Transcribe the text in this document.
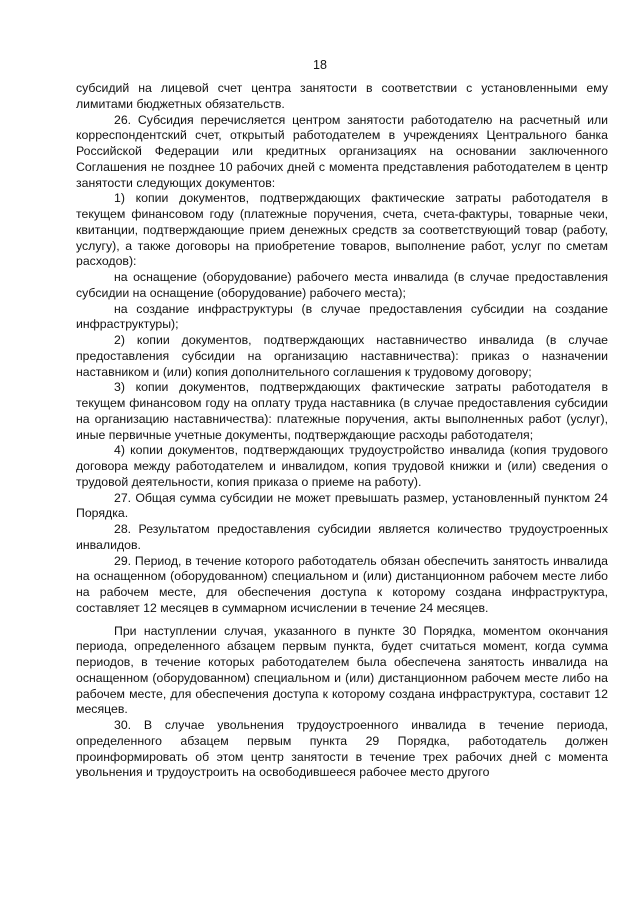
18

субсидий на лицевой счет центра занятости в соответствии с установленными ему лимитами бюджетных обязательств.

26. Субсидия перечисляется центром занятости работодателю на расчетный или корреспондентский счет, открытый работодателем в учреждениях Центрального банка Российской Федерации или кредитных организациях на основании заключенного Соглашения не позднее 10 рабочих дней с момента представления работодателем в центр занятости следующих документов:

1) копии документов, подтверждающих фактические затраты работодателя в текущем финансовом году (платежные поручения, счета, счета-фактуры, товарные чеки, квитанции, подтверждающие прием денежных средств за соответствующий товар (работу, услугу), а также договоры на приобретение товаров, выполнение работ, услуг по сметам расходов):

на оснащение (оборудование) рабочего места инвалида (в случае предоставления субсидии на оснащение (оборудование) рабочего места);

на создание инфраструктуры (в случае предоставления субсидии на создание инфраструктуры);

2) копии документов, подтверждающих наставничество инвалида (в случае предоставления субсидии на организацию наставничества): приказ о назначении наставником и (или) копия дополнительного соглашения к трудовому договору;

3) копии документов, подтверждающих фактические затраты работодателя в текущем финансовом году на оплату труда наставника (в случае предоставления субсидии на организацию наставничества): платежные поручения, акты выполненных работ (услуг), иные первичные учетные документы, подтверждающие расходы работодателя;

4) копии документов, подтверждающих трудоустройство инвалида (копия трудового договора между работодателем и инвалидом, копия трудовой книжки и (или) сведения о трудовой деятельности, копия приказа о приеме на работу).

27. Общая сумма субсидии не может превышать размер, установленный пунктом 24 Порядка.

28. Результатом предоставления субсидии является количество трудоустроенных инвалидов.

29. Период, в течение которого работодатель обязан обеспечить занятость инвалида на оснащенном (оборудованном) специальном и (или) дистанционном рабочем месте либо на рабочем месте, для обеспечения доступа к которому создана инфраструктура, составляет 12 месяцев в суммарном исчислении в течение 24 месяцев.

При наступлении случая, указанного в пункте 30 Порядка, моментом окончания периода, определенного абзацем первым пункта, будет считаться момент, когда сумма периодов, в течение которых работодателем была обеспечена занятость инвалида на оснащенном (оборудованном) специальном и (или) дистанционном рабочем месте либо на рабочем месте, для обеспечения доступа к которому создана инфраструктура, составит 12 месяцев.

30. В случае увольнения трудоустроенного инвалида в течение периода, определенного абзацем первым пункта 29 Порядка, работодатель должен проинформировать об этом центр занятости в течение трех рабочих дней с момента увольнения и трудоустроить на освободившееся рабочее место другого
